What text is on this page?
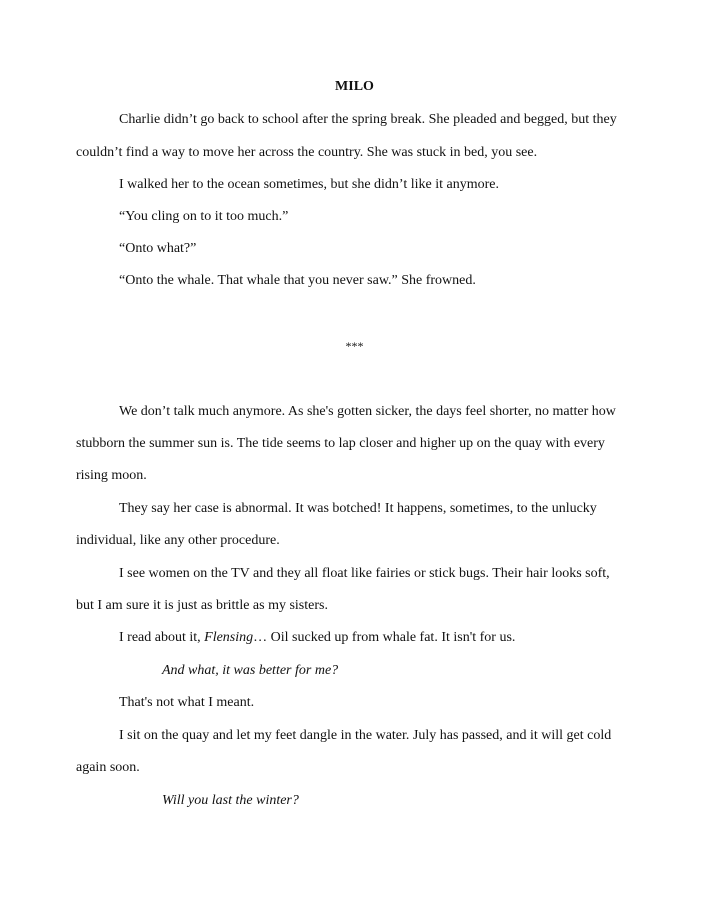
MILO
Charlie didn’t go back to school after the spring break. She pleaded and begged, but they
couldn’t find a way to move her across the country. She was stuck in bed, you see.
I walked her to the ocean sometimes, but she didn’t like it anymore.
“You cling on to it too much.”
“Onto what?”
“Onto the whale. That whale that you never saw.” She frowned.
***
We don’t talk much anymore. As she's gotten sicker, the days feel shorter, no matter how
stubborn the summer sun is. The tide seems to lap closer and higher up on the quay with every
rising moon.
They say her case is abnormal. It was botched! It happens, sometimes, to the unlucky
individual, like any other procedure.
I see women on the TV and they all float like fairies or stick bugs. Their hair looks soft,
but I am sure it is just as brittle as my sisters.
I read about it, Flensing… Oil sucked up from whale fat. It isn't for us.
And what, it was better for me?
That's not what I meant.
I sit on the quay and let my feet dangle in the water. July has passed, and it will get cold
again soon.
Will you last the winter?
